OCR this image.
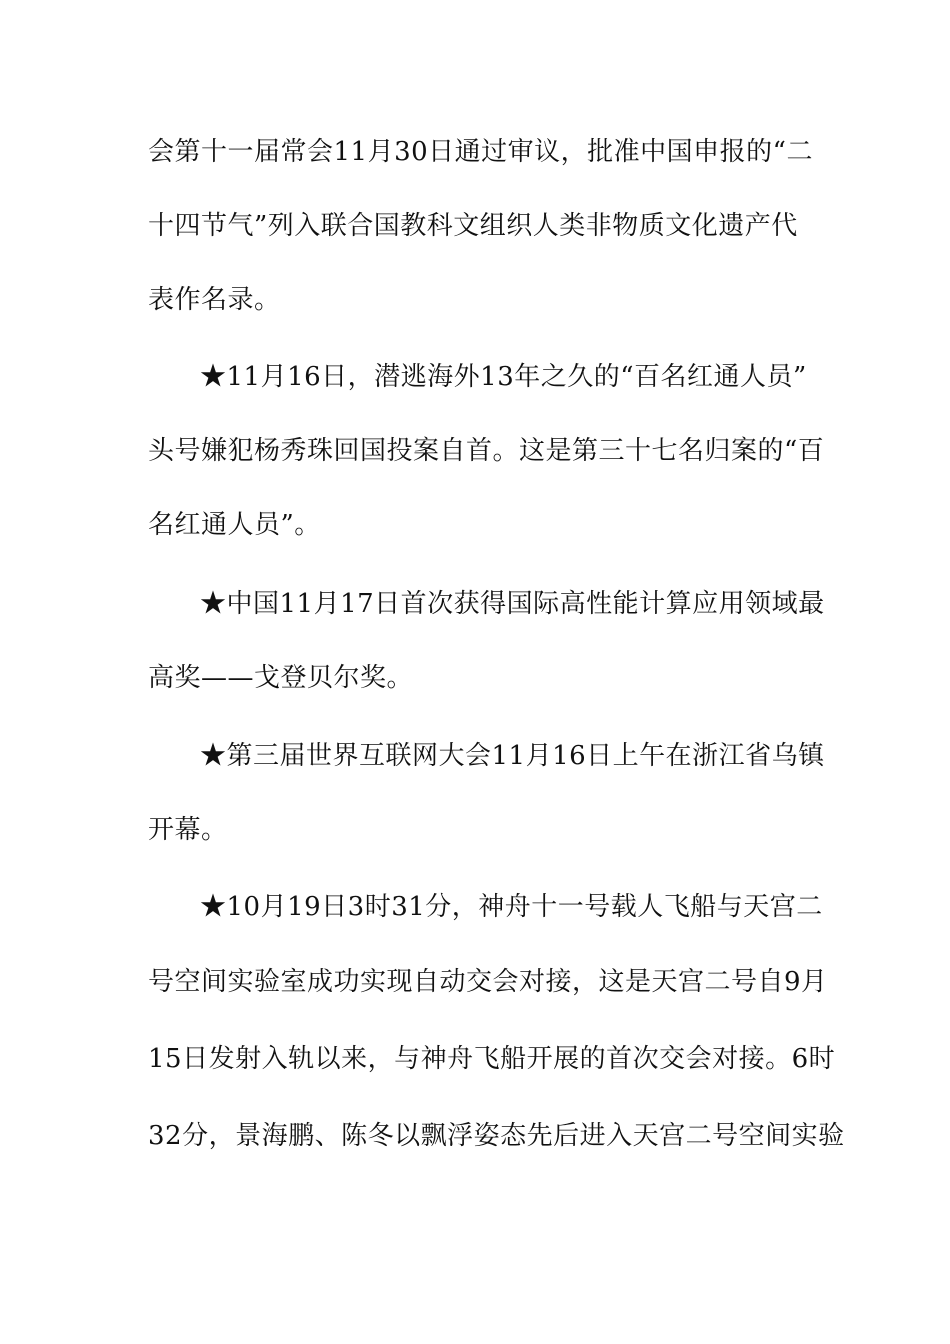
会第十一届常会11月30日通过审议，批准中国申报的“二
十四节气”列入联合国教科文组织人类非物质文化遗产代
表作名录。
★11月16日，潜逃海外13年之久的“百名红通人员”
头号嫌犯杨秀珠回国投案自首。这是第三十七名归案的“百
名红通人员”。
★中国11月17日首次获得国际高性能计算应用领域最
高奖——戈登贝尔奖。
★第三届世界互联网大会11月16日上午在浙江省乌镇
开幕。
★10月19日3时31分，神舟十一号载人飞船与天宫二
号空间实验室成功实现自动交会对接，这是天宫二号自9月
15日发射入轨以来，与神舟飞船开展的首次交会对接。6时
32分，景海鹏、陈冬以飘浮姿态先后进入天宫二号空间实验
